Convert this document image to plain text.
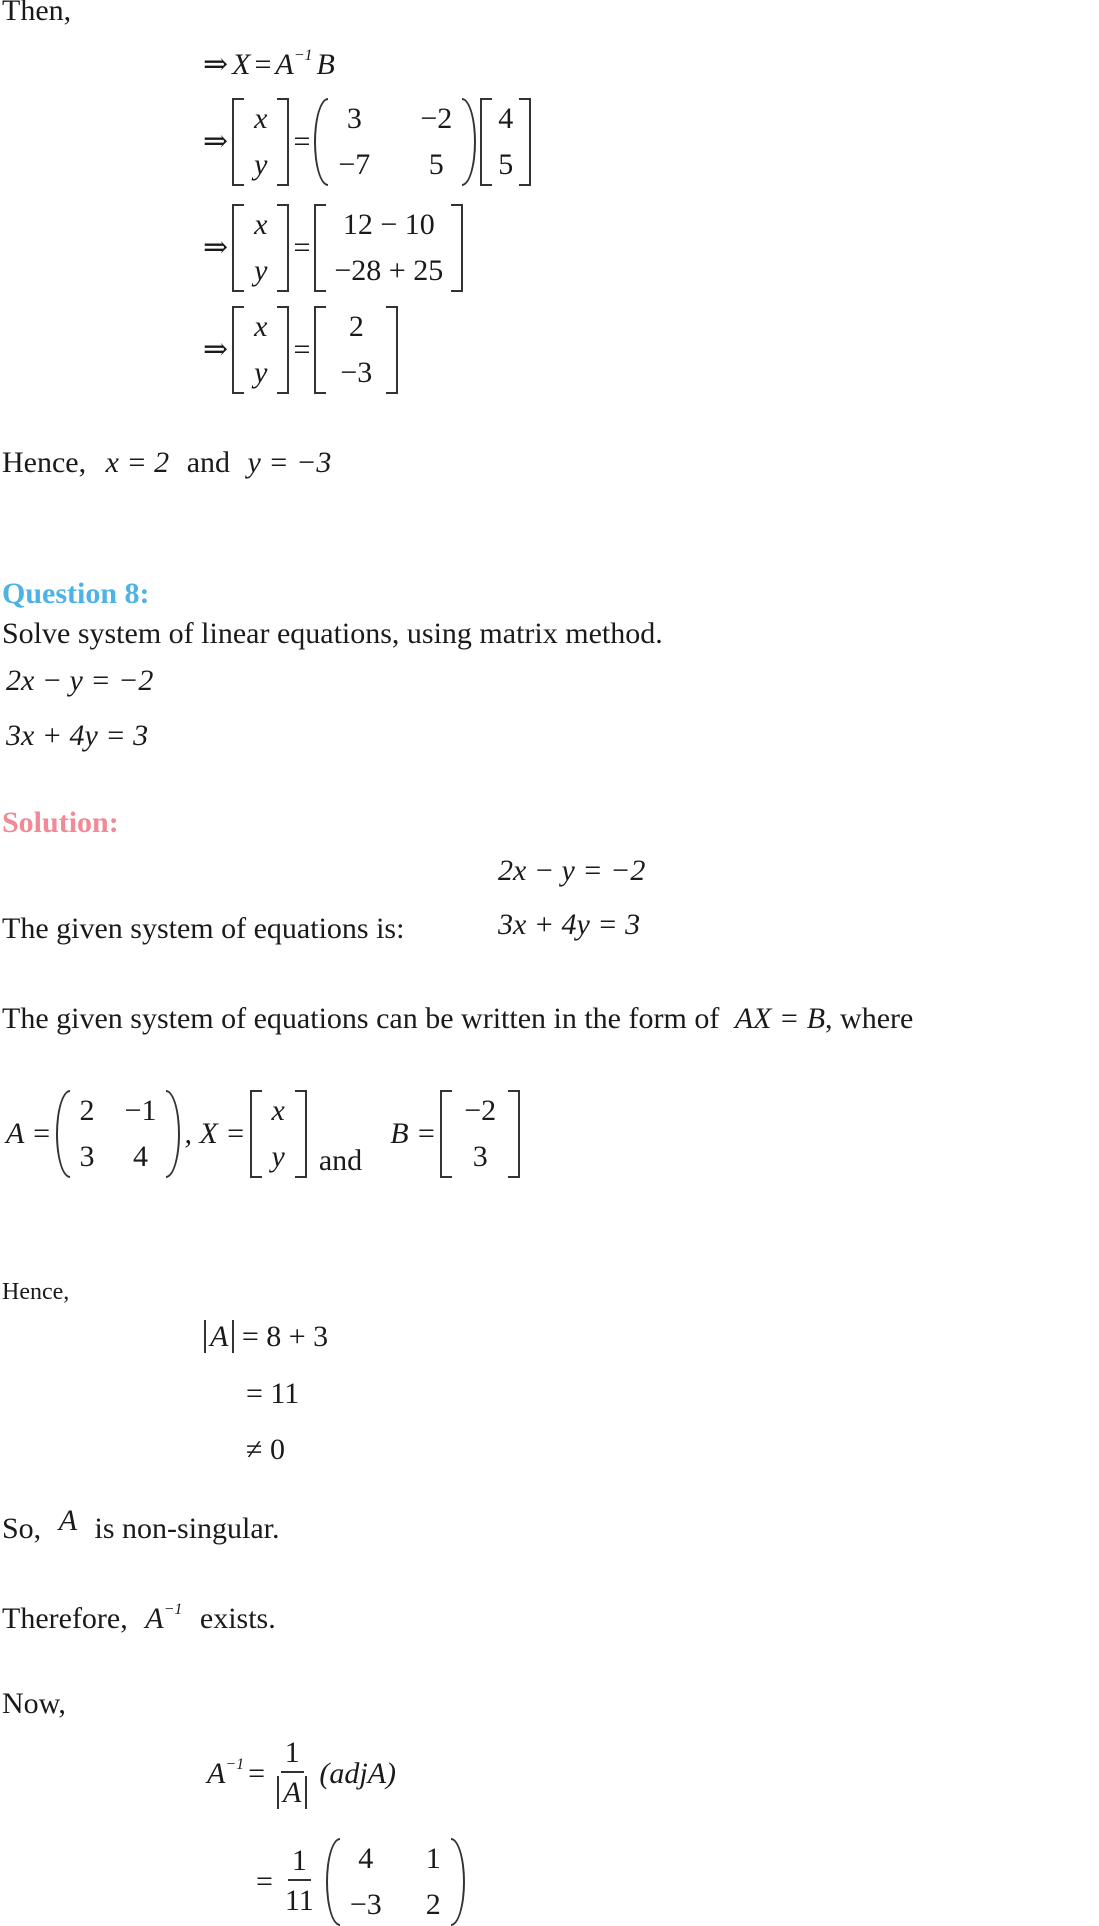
Then,
⇒ $X = A^{-1}$ B
⇒
x
y
=
3 −2
−7 5
4
5
⇒
x
y
=
12 − 10
−28 + 25
⇒
x
y
=
2
−3
Hence, x = 2 and y = −3
Question 8:
Solve system of linear equations, using matrix method.
2x − y = −2
3x + 4y = 3
Solution:
2x − y = −2
The given system of equations is:	3x + 4y = 3
The given system of equations can be written in the form of AX = B, where
A =
2 −1
3 4
, X =
x
y and
B =
−2
3
Hence,
A = 8 + 3
= 11
≠ 0
So, A is non-singular.
Therefore, $A^{-1}$ exists.
Now,
$A^{-1} = \frac{1}{A}$ (adjA)
= $\frac{1}{11} 4$ 1
−3 2
